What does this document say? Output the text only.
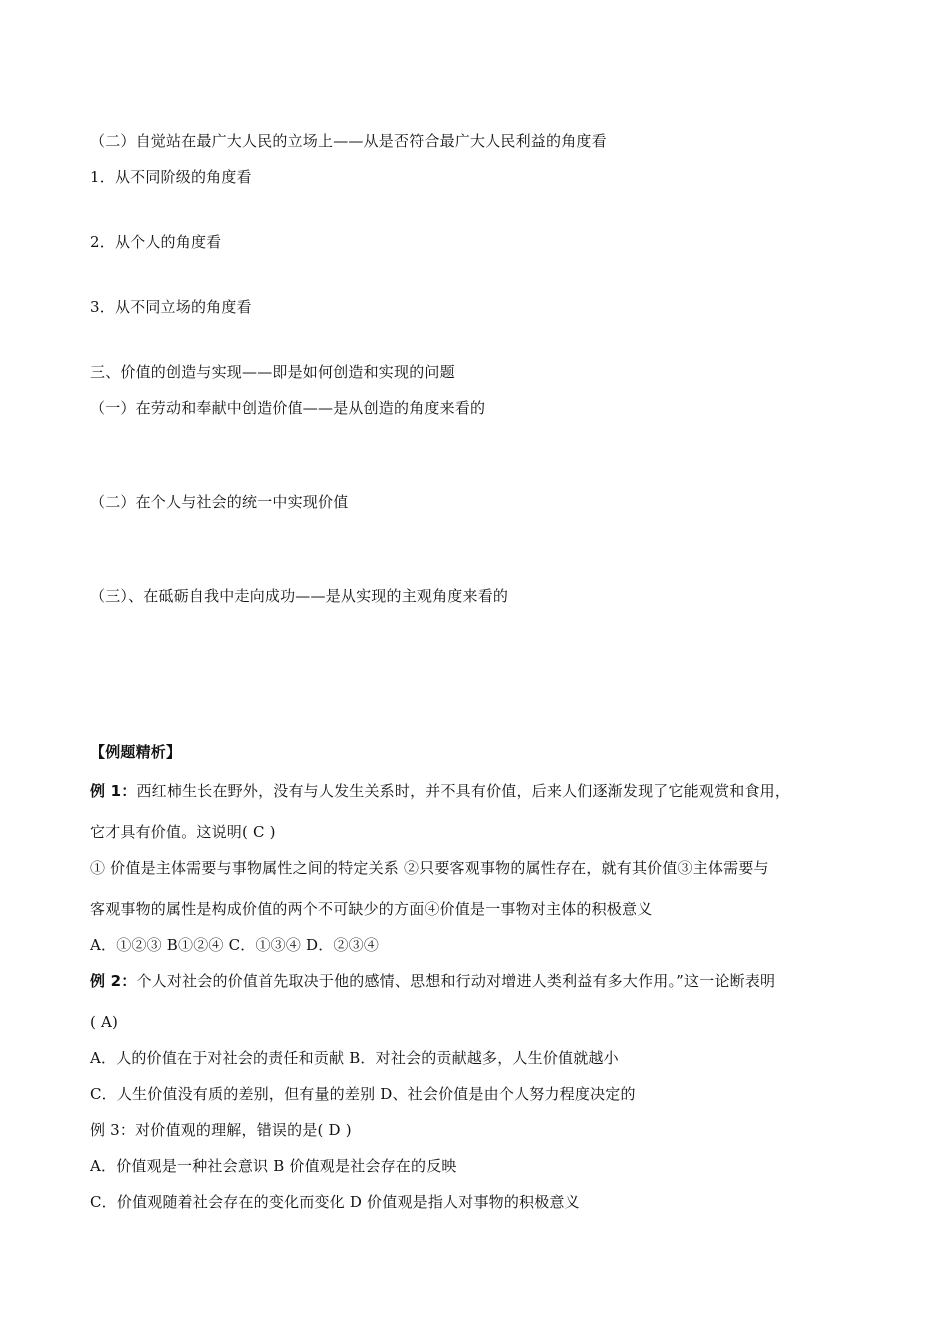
（二）自觉站在最广大人民的立场上——从是否符合最广大人民利益的角度看
1．从不同阶级的角度看
2．从个人的角度看
3．从不同立场的角度看
三、价值的创造与实现——即是如何创造和实现的问题
（一）在劳动和奉献中创造价值——是从创造的角度来看的
（二）在个人与社会的统一中实现价值
（三）、在砥砺自我中走向成功——是从实现的主观角度来看的
【例题精析】
例 1：西红柿生长在野外，没有与人发生关系时，并不具有价值，后来人们逐渐发现了它能观赏和食用，
它才具有价值。这说明( C )
① 价值是主体需要与事物属性之间的特定关系 ②只要客观事物的属性存在，就有其价值③主体需要与
客观事物的属性是构成价值的两个不可缺少的方面④价值是一事物对主体的积极意义
A．①②③ B①②④ C．①③④ D．②③④
例 2：个人对社会的价值首先取决于他的感情、思想和行动对增进人类利益有多大作用。”这一论断表明
( A)
A．人的价值在于对社会的责任和贡献 B．对社会的贡献越多，人生价值就越小
C．人生价值没有质的差别，但有量的差别 D、社会价值是由个人努力程度决定的
例 3：对价值观的理解，错误的是( D )
A．价值观是一种社会意识 B 价值观是社会存在的反映
C．价值观随着社会存在的变化而变化 D 价值观是指人对事物的积极意义
